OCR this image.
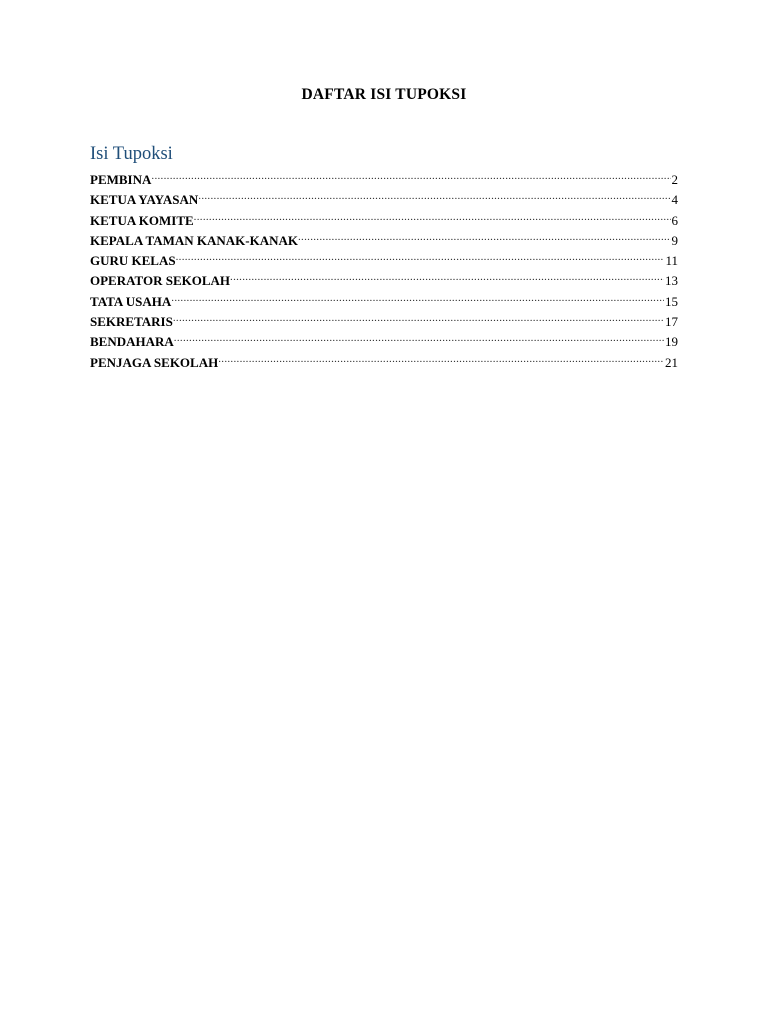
DAFTAR ISI TUPOKSI
Isi Tupoksi
PEMBINA .....	2
KETUA YAYASAN .....	4
KETUA KOMITE .....	6
KEPALA TAMAN KANAK-KANAK .....	9
GURU KELAS .....	11
OPERATOR SEKOLAH .....	13
TATA USAHA .....	15
SEKRETARIS .....	17
BENDAHARA .....	19
PENJAGA SEKOLAH .....	21
